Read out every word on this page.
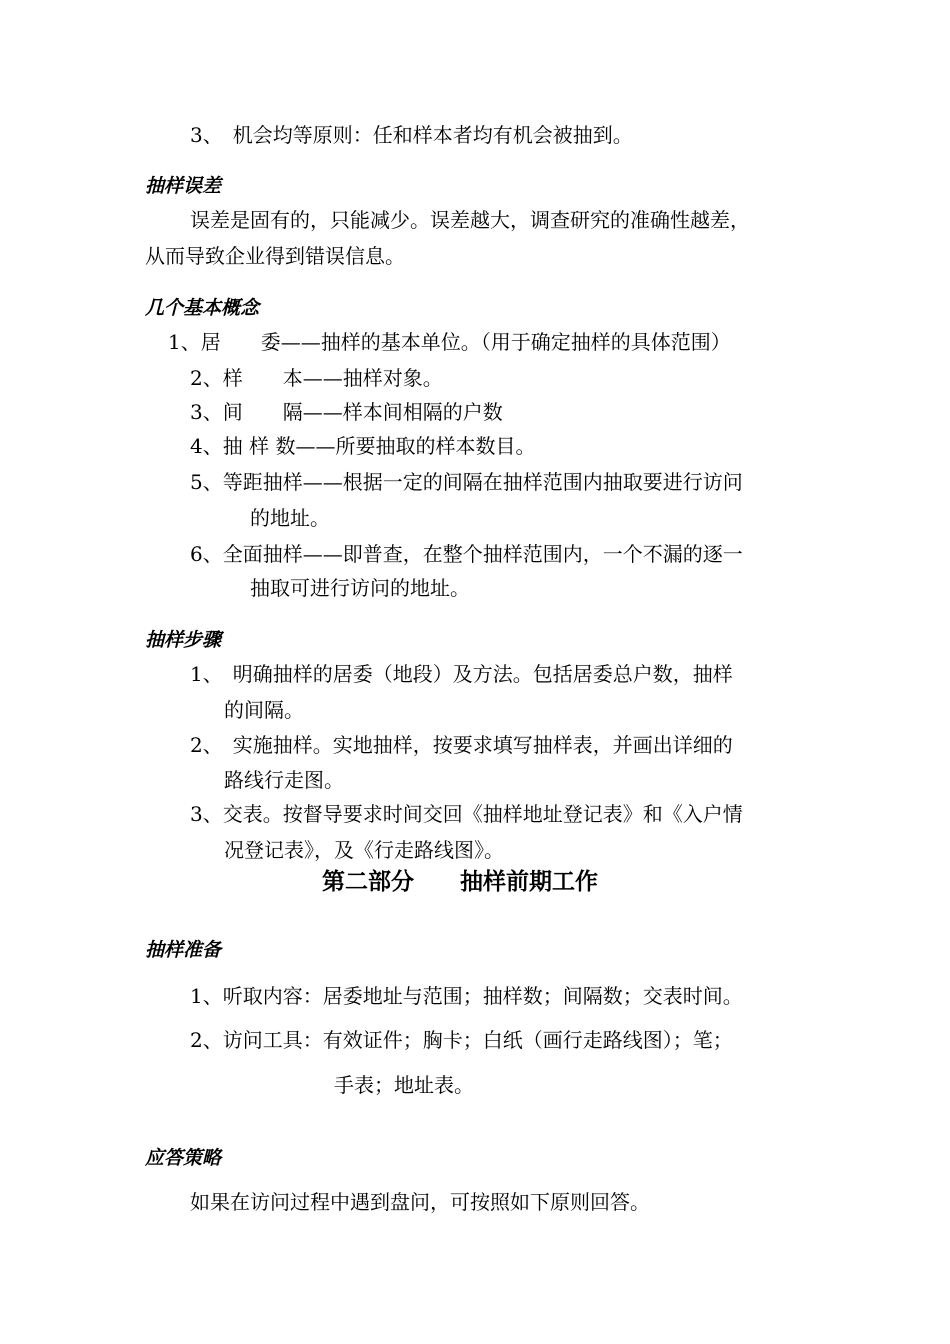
3、　机会均等原则：任和样本者均有机会被抽到。
抽样误差
误差是固有的，只能减少。误差越大，调查研究的准确性越差，
从而导致企业得到错误信息。
几个基本概念
1、居　　委——抽样的基本单位。（用于确定抽样的具体范围）
2、样　　本——抽样对象。
3、间　　隔——样本间相隔的户数
4、抽 样 数——所要抽取的样本数目。
5、等距抽样——根据一定的间隔在抽样范围内抽取要进行访问
的地址。
6、全面抽样——即普查，在整个抽样范围内，一个不漏的逐一
抽取可进行访问的地址。
抽样步骤
1、　明确抽样的居委（地段）及方法。包括居委总户数，抽样
的间隔。
2、　实施抽样。实地抽样，按要求填写抽样表，并画出详细的
路线行走图。
3、交表。按督导要求时间交回《抽样地址登记表》和《入户情
况登记表》，及《行走路线图》。
第二部分　　抽样前期工作
抽样准备
1、听取内容：居委地址与范围；抽样数；间隔数；交表时间。
2、访问工具：有效证件；胸卡；白纸（画行走路线图）；笔；
手表；地址表。
应答策略
如果在访问过程中遇到盘问，可按照如下原则回答。
